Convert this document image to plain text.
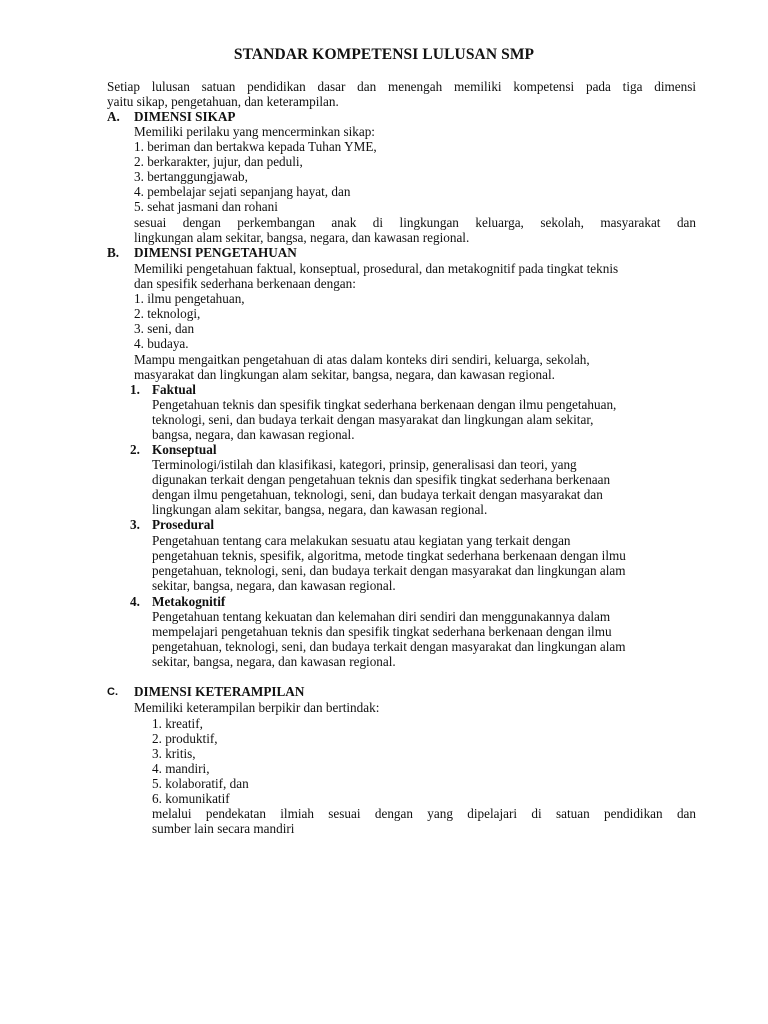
STANDAR KOMPETENSI LULUSAN SMP
Setiap lulusan satuan pendidikan dasar dan menengah memiliki kompetensi pada tiga dimensi
yaitu sikap, pengetahuan, dan keterampilan.
A. DIMENSI SIKAP
Memiliki perilaku yang mencerminkan sikap:
1. beriman dan bertakwa kepada Tuhan YME,
2. berkarakter, jujur, dan peduli,
3. bertanggungjawab,
4. pembelajar sejati sepanjang hayat, dan
5. sehat jasmani dan rohani
sesuai dengan perkembangan anak di lingkungan keluarga, sekolah, masyarakat dan
lingkungan alam sekitar, bangsa, negara, dan kawasan regional.
B. DIMENSI PENGETAHUAN
Memiliki pengetahuan faktual, konseptual, prosedural, dan metakognitif pada tingkat teknis
dan spesifik sederhana berkenaan dengan:
1. ilmu pengetahuan,
2. teknologi,
3. seni, dan
4. budaya.
Mampu mengaitkan pengetahuan di atas dalam konteks diri sendiri, keluarga, sekolah,
masyarakat dan lingkungan alam sekitar, bangsa, negara, dan kawasan regional.
1. Faktual
Pengetahuan teknis dan spesifik tingkat sederhana berkenaan dengan ilmu pengetahuan,
teknologi, seni, dan budaya terkait dengan masyarakat dan lingkungan alam sekitar,
bangsa, negara, dan kawasan regional.
2. Konseptual
Terminologi/istilah dan klasifikasi, kategori, prinsip, generalisasi dan teori, yang
digunakan terkait dengan pengetahuan teknis dan spesifik tingkat sederhana berkenaan
dengan ilmu pengetahuan, teknologi, seni, dan budaya terkait dengan masyarakat dan
lingkungan alam sekitar, bangsa, negara, dan kawasan regional.
3. Prosedural
Pengetahuan tentang cara melakukan sesuatu atau kegiatan yang terkait dengan
pengetahuan teknis, spesifik, algoritma, metode tingkat sederhana berkenaan dengan ilmu
pengetahuan, teknologi, seni, dan budaya terkait dengan masyarakat dan lingkungan alam
sekitar, bangsa, negara, dan kawasan regional.
4. Metakognitif
Pengetahuan tentang kekuatan dan kelemahan diri sendiri dan menggunakannya dalam
mempelajari pengetahuan teknis dan spesifik tingkat sederhana berkenaan dengan ilmu
pengetahuan, teknologi, seni, dan budaya terkait dengan masyarakat dan lingkungan alam
sekitar, bangsa, negara, dan kawasan regional.
C. DIMENSI KETERAMPILAN
Memiliki keterampilan berpikir dan bertindak:
1. kreatif,
2. produktif,
3. kritis,
4. mandiri,
5. kolaboratif, dan
6. komunikatif
melalui pendekatan ilmiah sesuai dengan yang dipelajari di satuan pendidikan dan
sumber lain secara mandiri
